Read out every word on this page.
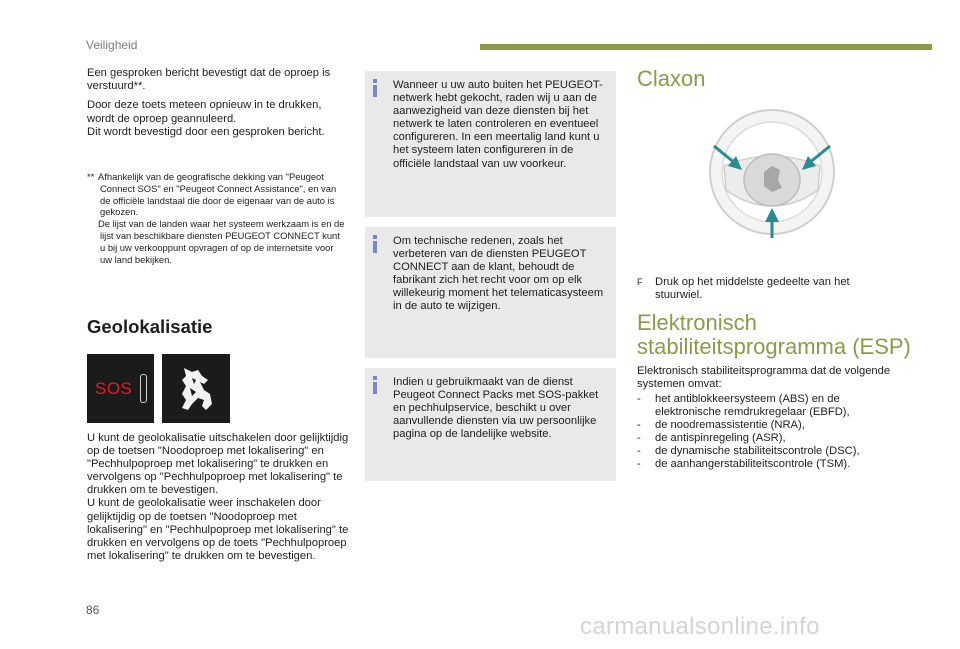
Veiligheid

Een gesproken bericht bevestigt dat de oproep is verstuurd**.

Door deze toets meteen opnieuw in te drukken, wordt de oproep geannuleerd.
Dit wordt bevestigd door een gesproken bericht.

** Afhankelijk van de geografische dekking van "Peugeot Connect SOS" en "Peugeot Connect Assistance", en van de officiële landstaal die door de eigenaar van de auto is gekozen.
De lijst van de landen waar het systeem werkzaam is en de lijst van beschikbare diensten PEUGEOT CONNECT kunt u bij uw verkooppunt opvragen of op de internetsite voor uw land bekijken.
Geolokalisatie
SOS
U kunt de geolokalisatie uitschakelen door gelijktijdig op de toetsen "Noodoproep met lokalisering" en "Pechhulpoproep met lokalisering" te drukken en vervolgens op "Pechhulpoproep met lokalisering" te drukken om te bevestigen.
U kunt de geolokalisatie weer inschakelen door gelijktijdig op de toetsen "Noodoproep met lokalisering" en "Pechhulpoproep met lokalisering" te drukken en vervolgens op de toets "Pechhulpoproep met lokalisering" te drukken om te bevestigen.
Wanneer u uw auto buiten het PEUGEOT-netwerk hebt gekocht, raden wij u aan de aanwezigheid van deze diensten bij het netwerk te laten controleren en eventueel configureren. In een meertalig land kunt u het systeem laten configureren in de officiële landstaal van uw voorkeur.
Om technische redenen, zoals het verbeteren van de diensten PEUGEOT CONNECT aan de klant, behoudt de fabrikant zich het recht voor om op elk willekeurig moment het telematicasysteem in de auto te wijzigen.
Indien u gebruikmaakt van de dienst Peugeot Connect Packs met SOS-pakket en pechhulpservice, beschikt u over aanvullende diensten via uw persoonlijke pagina op de landelijke website.
Claxon
F	Druk op het middelste gedeelte van het stuurwiel.
Elektronisch
stabiliteitsprogramma (ESP)
Elektronisch stabiliteitsprogramma dat de volgende systemen omvat:
- het antiblokkeersysteem (ABS) en de elektronische remdrukregelaar (EBFD),
- de noodremassistentie (NRA),
- de antispinregeling (ASR),
- de dynamische stabiliteitscontrole (DSC),
- de aanhangerstabiliteitscontrole (TSM).
86
carmanualsonline.info
